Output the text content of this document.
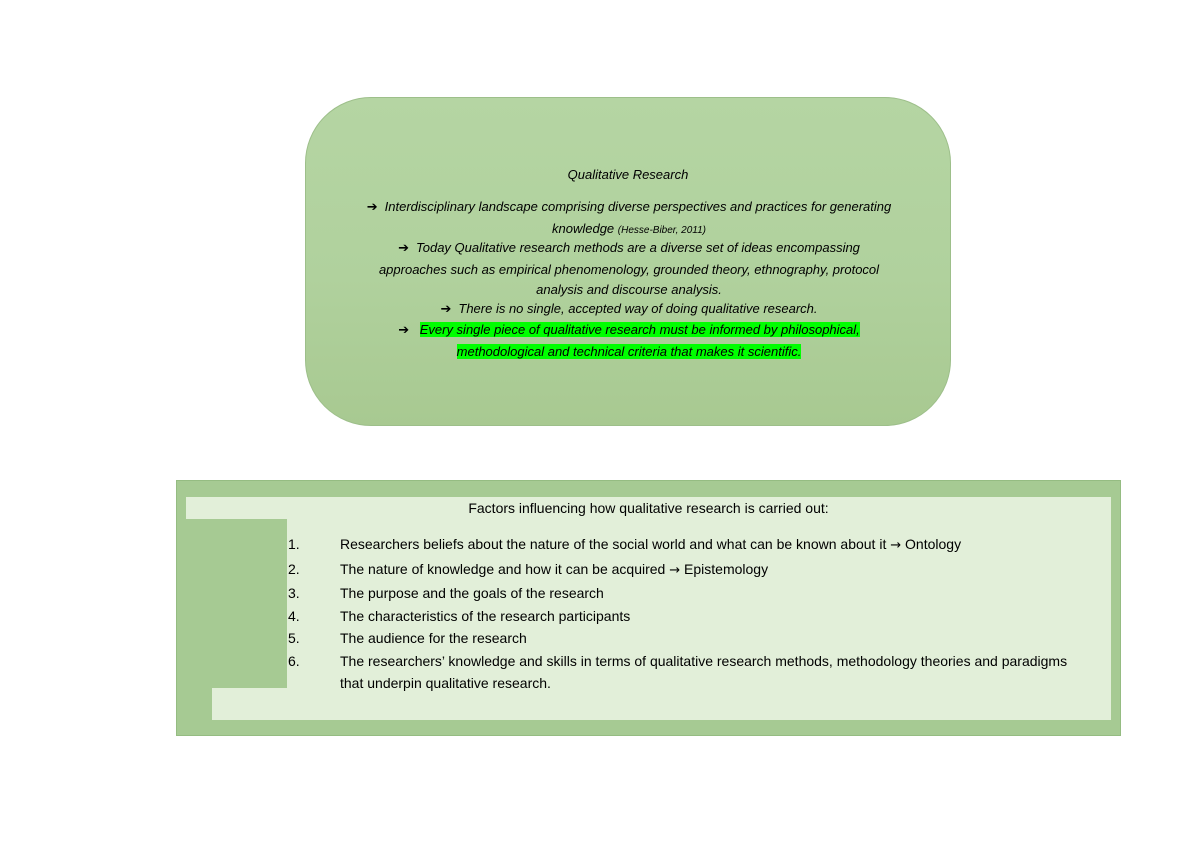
Qualitative Research
➔ Interdisciplinary landscape comprising diverse perspectives and practices for generating knowledge (Hesse-Biber, 2011)
➔ Today Qualitative research methods are a diverse set of ideas encompassing approaches such as empirical phenomenology, grounded theory, ethnography, protocol analysis and discourse analysis.
➔ There is no single, accepted way of doing qualitative research.
➔ Every single piece of qualitative research must be informed by philosophical, methodological and technical criteria that makes it scientific.
Factors influencing how qualitative research is carried out:
1.	Researchers beliefs about the nature of the social world and what can be known about it → Ontology
2.	The nature of knowledge and how it can be acquired → Epistemology
3.	The purpose and the goals of the research
4.	The characteristics of the research participants
5.	The audience for the research
6.	The researchers’ knowledge and skills in terms of qualitative research methods, methodology theories and paradigms that underpin qualitative research.
